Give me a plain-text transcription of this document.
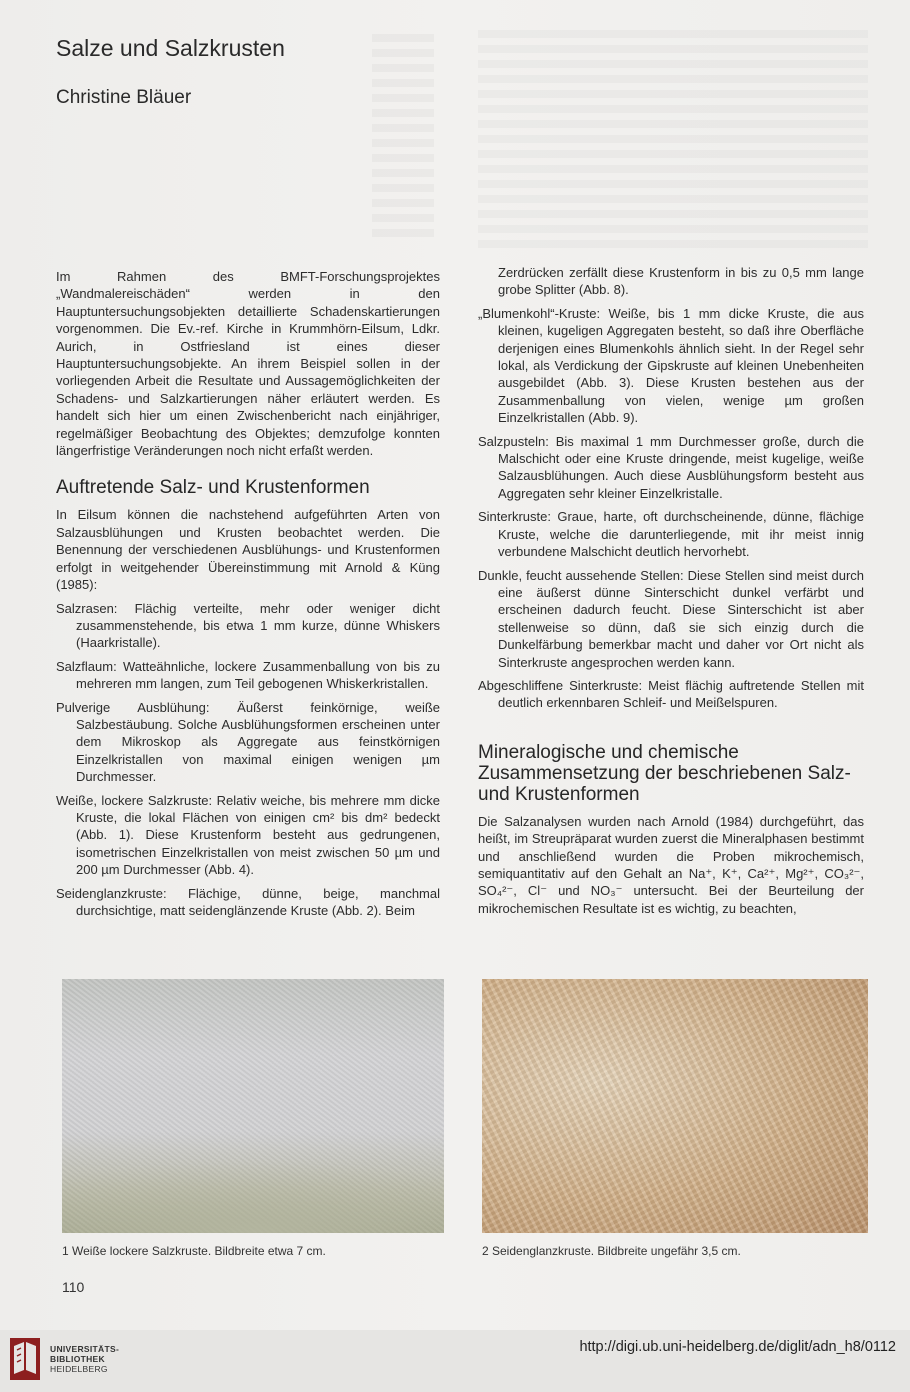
Salze und Salzkrusten
Christine Bläuer

Im Rahmen des BMFT-Forschungsprojektes „Wandmalereischäden“ werden in den Hauptuntersuchungsobjekten detaillierte Schadenskartierungen vorgenommen. Die Ev.-ref. Kirche in Krummhörn-Eilsum, Ldkr. Aurich, in Ostfriesland ist eines dieser Hauptuntersuchungsobjekte. An ihrem Beispiel sollen in der vorliegenden Arbeit die Resultate und Aussagemöglichkeiten der Schadens- und Salzkartierungen näher erläutert werden. Es handelt sich hier um einen Zwischenbericht nach einjähriger, regelmäßiger Beobachtung des Objektes; demzufolge konnten längerfristige Veränderungen noch nicht erfaßt werden.

Auftretende Salz- und Krustenformen

In Eilsum können die nachstehend aufgeführten Arten von Salzausblühungen und Krusten beobachtet werden. Die Benennung der verschiedenen Ausblühungs- und Krustenformen erfolgt in weitgehender Übereinstimmung mit Arnold & Küng (1985):

Salzrasen: Flächig verteilte, mehr oder weniger dicht zusammenstehende, bis etwa 1 mm kurze, dünne Whiskers (Haarkristalle).

Salzflaum: Watteähnliche, lockere Zusammenballung von bis zu mehreren mm langen, zum Teil gebogenen Whiskerkristallen.

Pulverige Ausblühung: Äußerst feinkörnige, weiße Salzbestäubung. Solche Ausblühungsformen erscheinen unter dem Mikroskop als Aggregate aus feinstkörnigen Einzelkristallen von maximal einigen wenigen µm Durchmesser.

Weiße, lockere Salzkruste: Relativ weiche, bis mehrere mm dicke Kruste, die lokal Flächen von einigen cm² bis dm² bedeckt (Abb. 1). Diese Krustenform besteht aus gedrungenen, isometrischen Einzelkristallen von meist zwischen 50 µm und 200 µm Durchmesser (Abb. 4).

Seidenglanzkruste: Flächige, dünne, beige, manchmal durchsichtige, matt seidenglänzende Kruste (Abb. 2). Beim

Zerdrücken zerfällt diese Krustenform in bis zu 0,5 mm lange grobe Splitter (Abb. 8).

„Blumenkohl“-Kruste: Weiße, bis 1 mm dicke Kruste, die aus kleinen, kugeligen Aggregaten besteht, so daß ihre Oberfläche derjenigen eines Blumenkohls ähnlich sieht. In der Regel sehr lokal, als Verdickung der Gipskruste auf kleinen Unebenheiten ausgebildet (Abb. 3). Diese Krusten bestehen aus der Zusammenballung von vielen, wenige µm großen Einzelkristallen (Abb. 9).

Salzpusteln: Bis maximal 1 mm Durchmesser große, durch die Malschicht oder eine Kruste dringende, meist kugelige, weiße Salzausblühungen. Auch diese Ausblühungsform besteht aus Aggregaten sehr kleiner Einzelkristalle.

Sinterkruste: Graue, harte, oft durchscheinende, dünne, flächige Kruste, welche die darunterliegende, mit ihr meist innig verbundene Malschicht deutlich hervorhebt.

Dunkle, feucht aussehende Stellen: Diese Stellen sind meist durch eine äußerst dünne Sinterschicht dunkel verfärbt und erscheinen dadurch feucht. Diese Sinterschicht ist aber stellenweise so dünn, daß sie sich einzig durch die Dunkelfärbung bemerkbar macht und daher vor Ort nicht als Sinterkruste angesprochen werden kann.

Abgeschliffene Sinterkruste: Meist flächig auftretende Stellen mit deutlich erkennbaren Schleif- und Meißelspuren.

Mineralogische und chemische Zusammensetzung der beschriebenen Salz- und Krustenformen

Die Salzanalysen wurden nach Arnold (1984) durchgeführt, das heißt, im Streupräparat wurden zuerst die Mineralphasen bestimmt und anschließend wurden die Proben mikrochemisch, semiquantitativ auf den Gehalt an Na⁺, K⁺, Ca²⁺, Mg²⁺, CO₃²⁻, SO₄²⁻, Cl⁻ und NO₃⁻ untersucht. Bei der Beurteilung der mikrochemischen Resultate ist es wichtig, zu beachten,

1 Weiße lockere Salzkruste. Bildbreite etwa 7 cm.	2 Seidenglanzkruste. Bildbreite ungefähr 3,5 cm.
110
UNIVERSITÄTS-
BIBLIOTHEK
HEIDELBERG
http://digi.ub.uni-heidelberg.de/diglit/adn_h8/0112
